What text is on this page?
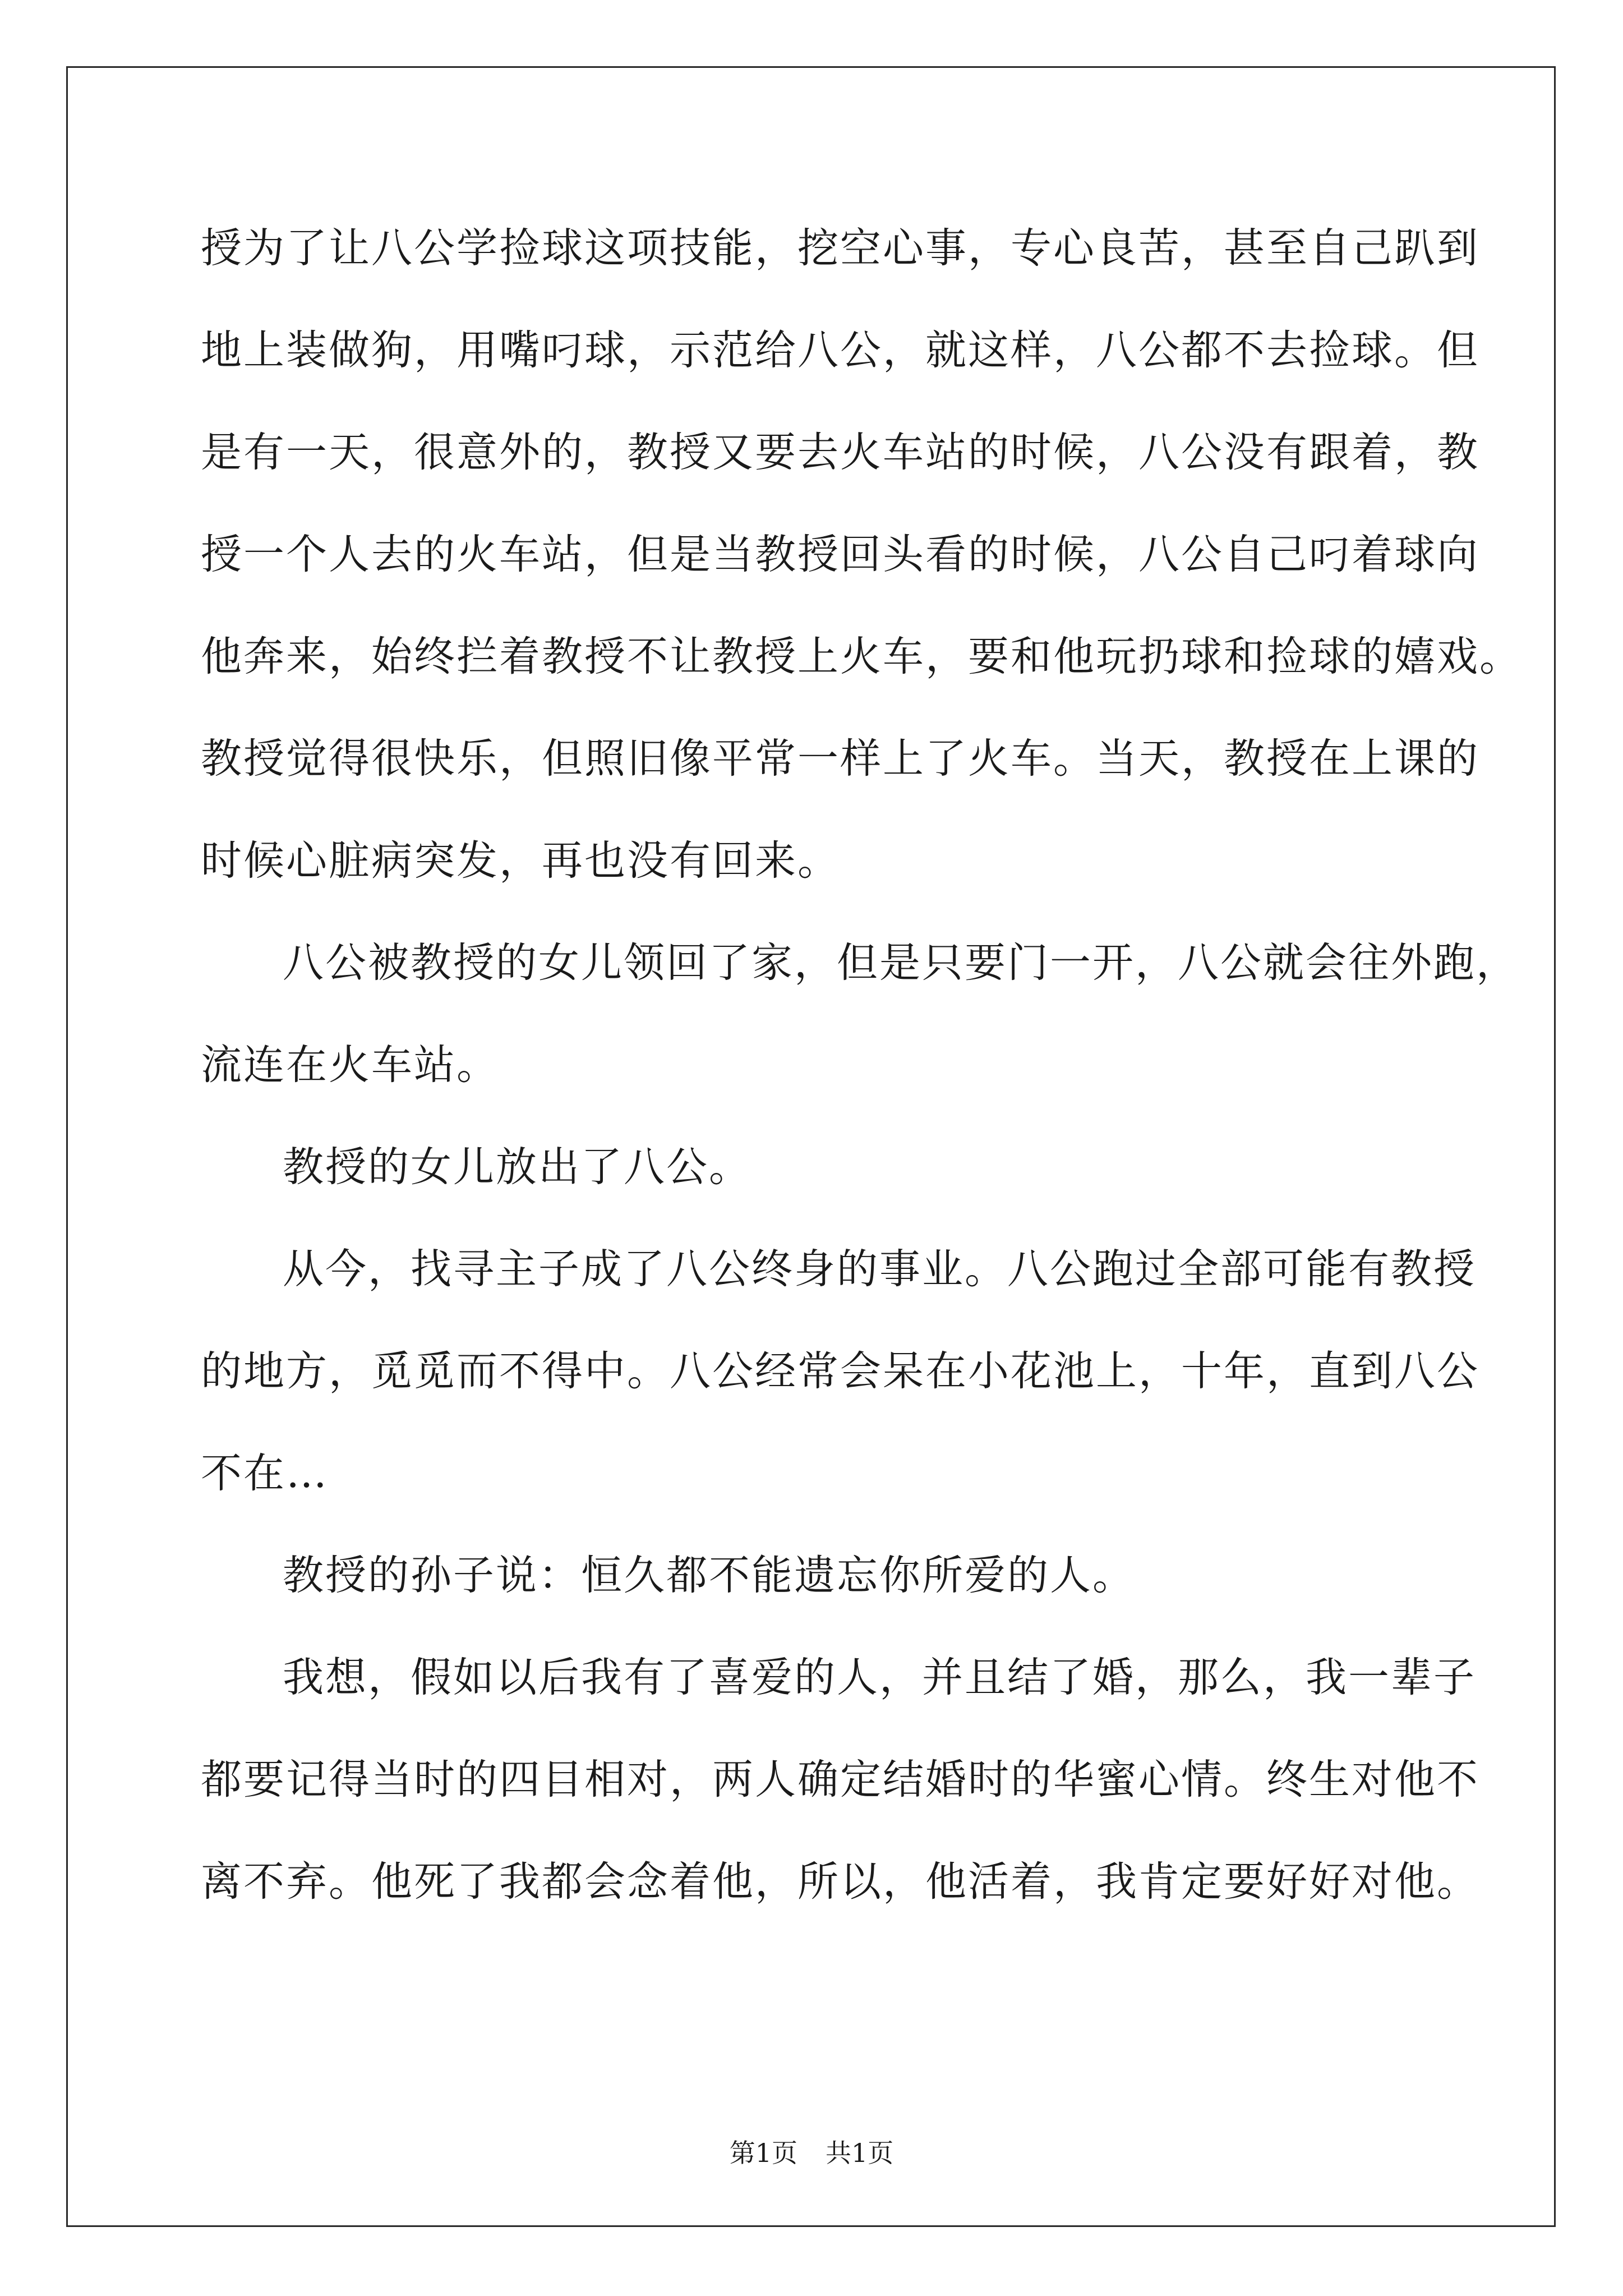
授为了让八公学捡球这项技能，挖空心事，专心良苦，甚至自己趴到
地上装做狗，用嘴叼球，示范给八公，就这样，八公都不去捡球。但
是有一天，很意外的，教授又要去火车站的时候，八公没有跟着，教
授一个人去的火车站，但是当教授回头看的时候，八公自己叼着球向
他奔来，始终拦着教授不让教授上火车，要和他玩扔球和捡球的嬉戏。
教授觉得很快乐，但照旧像平常一样上了火车。当天，教授在上课的
时候心脏病突发，再也没有回来。
八公被教授的女儿领回了家，但是只要门一开，八公就会往外跑，
流连在火车站。
教授的女儿放出了八公。
从今，找寻主子成了八公终身的事业。八公跑过全部可能有教授
的地方，觅觅而不得中。八公经常会呆在小花池上，十年，直到八公
不在…
教授的孙子说：恒久都不能遗忘你所爱的人。
我想，假如以后我有了喜爱的人，并且结了婚，那么，我一辈子
都要记得当时的四目相对，两人确定结婚时的华蜜心情。终生对他不
离不弃。他死了我都会念着他，所以，他活着，我肯定要好好对他。
第1页 共1页
